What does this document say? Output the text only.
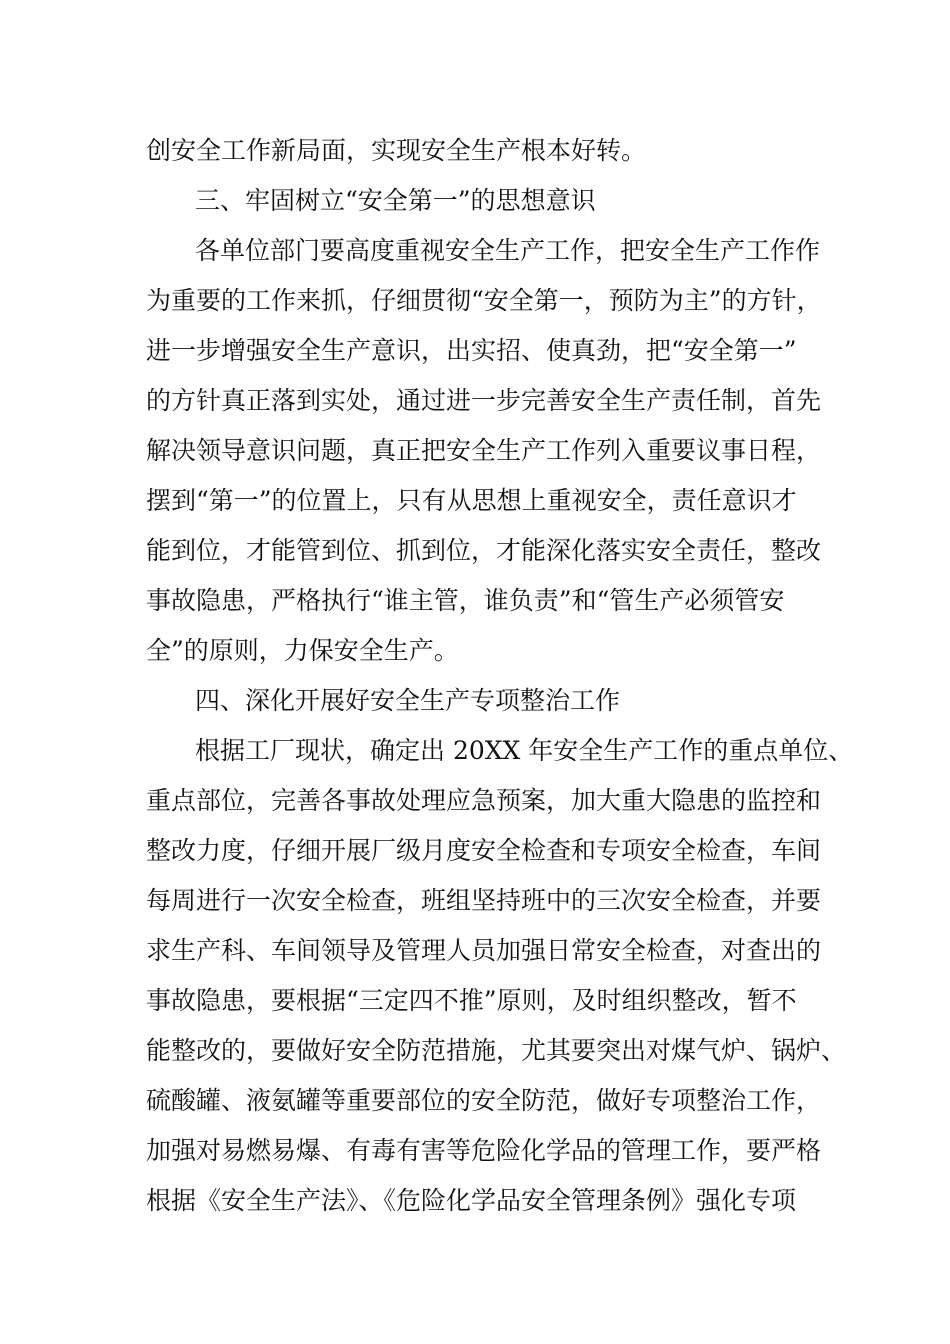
创安全工作新局面，实现安全生产根本好转。
三、牢固树立“安全第一”的思想意识
各单位部门要高度重视安全生产工作，把安全生产工作作
为重要的工作来抓，仔细贯彻“安全第一，预防为主”的方针，
进一步增强安全生产意识，出实招、使真劲，把“安全第一”
的方针真正落到实处，通过进一步完善安全生产责任制，首先
解决领导意识问题，真正把安全生产工作列入重要议事日程，
摆到“第一”的位置上，只有从思想上重视安全，责任意识才
能到位，才能管到位、抓到位，才能深化落实安全责任，整改
事故隐患，严格执行“谁主管，谁负责”和“管生产必须管安
全”的原则，力保安全生产。
四、深化开展好安全生产专项整治工作
根据工厂现状，确定出 20XX 年安全生产工作的重点单位、
重点部位，完善各事故处理应急预案，加大重大隐患的监控和
整改力度，仔细开展厂级月度安全检查和专项安全检查，车间
每周进行一次安全检查，班组坚持班中的三次安全检查，并要
求生产科、车间领导及管理人员加强日常安全检查，对查出的
事故隐患，要根据“三定四不推”原则，及时组织整改，暂不
能整改的，要做好安全防范措施，尤其要突出对煤气炉、锅炉、
硫酸罐、液氨罐等重要部位的安全防范，做好专项整治工作，
加强对易燃易爆、有毒有害等危险化学品的管理工作，要严格
根据《安全生产法》、《危险化学品安全管理条例》强化专项
